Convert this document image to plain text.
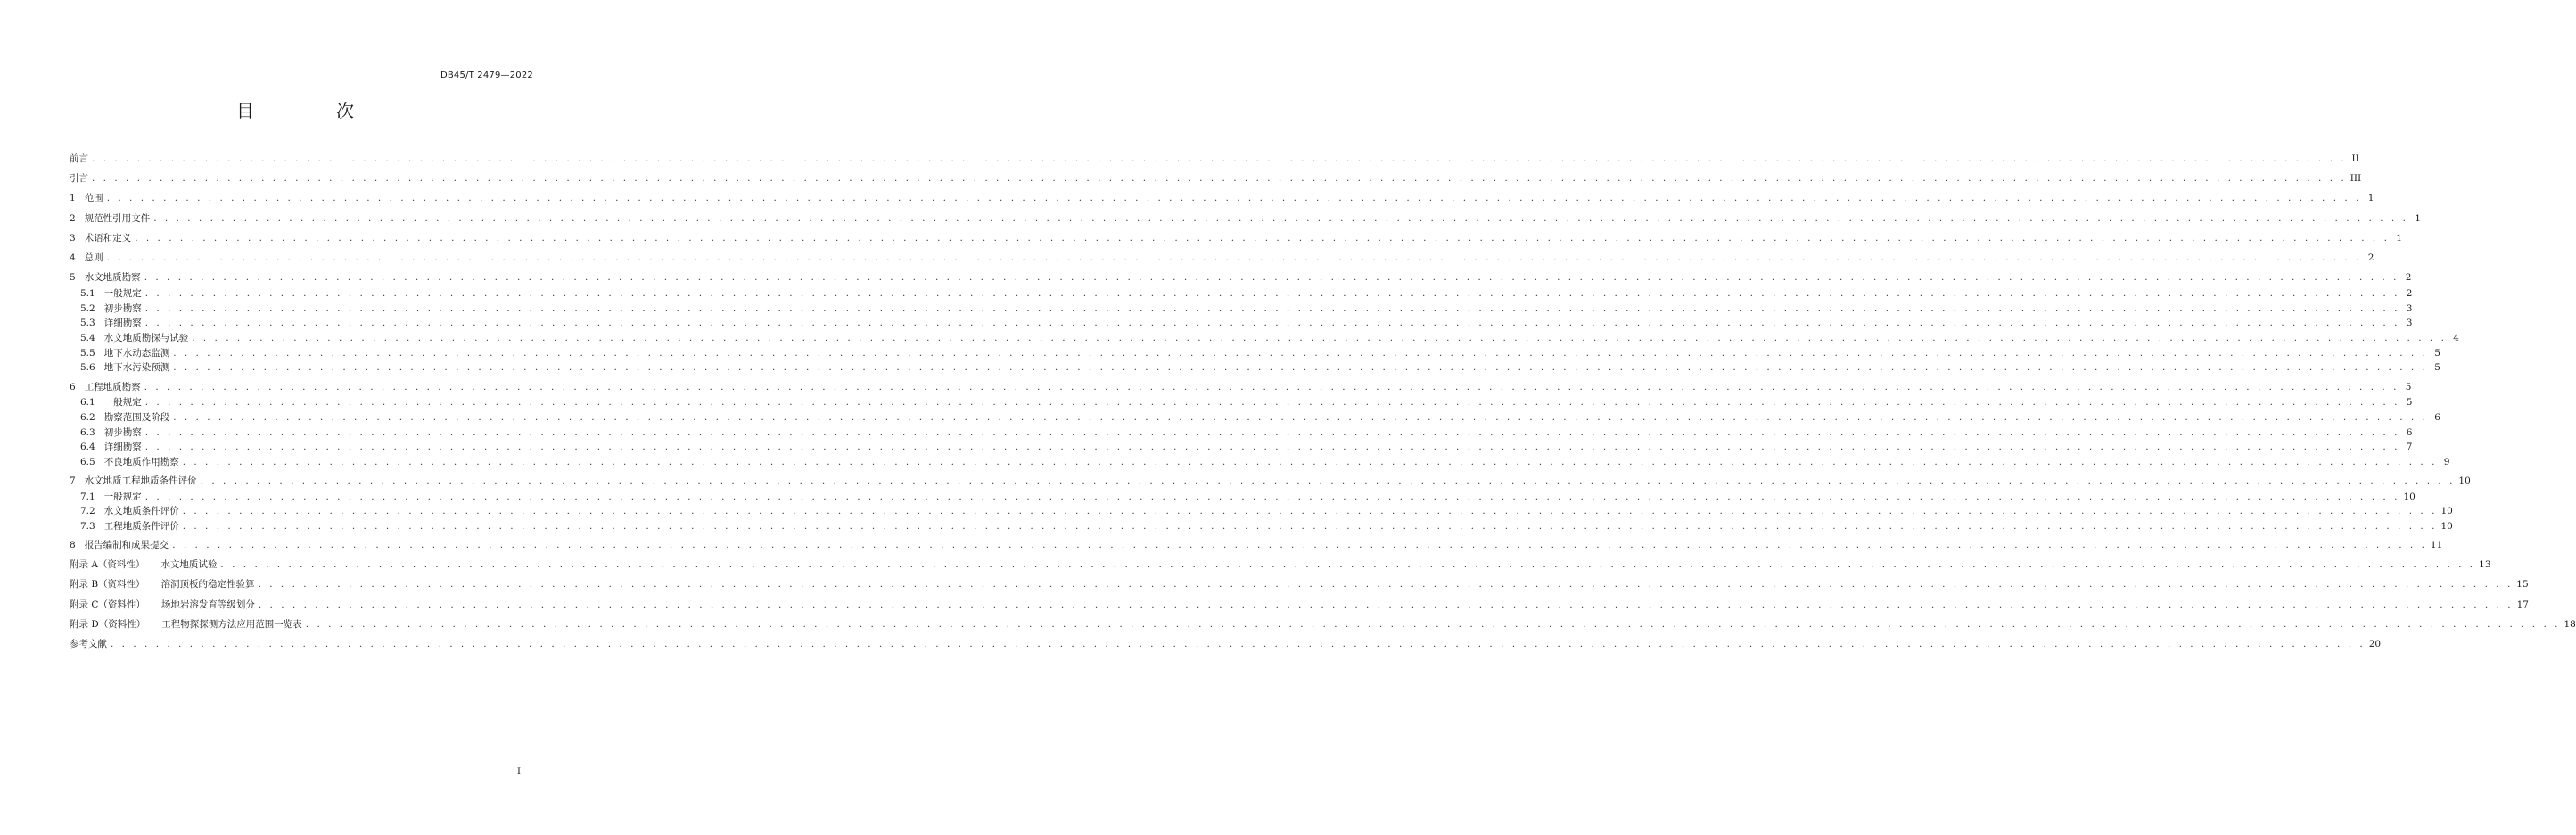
DB45/T 2479—2022
目　次
前言 . . . . . . . . . . . . . . . . . . . . . . . . . . . . . . . . . . . . . . . . . . . . . . . . . . . . . . . . . . . . . . . . . . . . . . . . . . . . . . . . . . . . . . . . . . . . . . . . . . . . . . . . . . . . . . . . . . . . . . . . . . . . . . . . . . . . . . . . . . . . . . . . . . . . . . . . . . . . . . . . . . . . . . . . . . . . . . . . . . . . . . . . . . . . . . . . . . . . . . . . II
引言 . . . . . . . . . . . . . . . . . . . . . . . . . . . . . . . . . . . . . . . . . . . . . . . . . . . . . . . . . . . . . . . . . . . . . . . . . . . . . . . . . . . . . . . . . . . . . . . . . . . . . . . . . . . . . . . . . . . . . . . . . . . . . . . . . . . . . . . . . . . . . . . . . . . . . . . . . . . . . . . . . . . . . . . . . . . . . . . . . . . . . . . . . . . . . . . . . . . . . . . . III
1 范围 . . . . . . . . . . . . . . . . . . . . . . . . . . . . . . . . . . . . . . . . . . . . . . . . . . . . . . . . . . . . . . . . . . . . . . . . . . . . . . . . . . . . . . . . . . . . . . . . . . . . . . . . . . . . . . . . . . . . . . . . . . . . . . . . . . . . . . . . . . . . . . . . . . . . . . . . . . . . . . . . . . . . . . . . . . . . . . . . . . . . . . . . . . . . . . . . . . . . . . . . 1
2 规范性引用文件 . . . . . . . . . . . . . . . . . . . . . . . . . . . . . . . . . . . . . . . . . . . . . . . . . . . . . . . . . . . . . . . . . . . . . . . . . . . . . . . . . . . . . . . . . . . . . . . . . . . . . . . . . . . . . . . . . . . . . . . . . . . . . . . . . . . . . . . . . . . . . . . . . . . . . . . . . . . . . . . . . . . . . . . . . . . . . . . . . . . . . . . . . . . . . . . . . . . . . . . . 1
3 术语和定义 . . . . . . . . . . . . . . . . . . . . . . . . . . . . . . . . . . . . . . . . . . . . . . . . . . . . . . . . . . . . . . . . . . . . . . . . . . . . . . . . . . . . . . . . . . . . . . . . . . . . . . . . . . . . . . . . . . . . . . . . . . . . . . . . . . . . . . . . . . . . . . . . . . . . . . . . . . . . . . . . . . . . . . . . . . . . . . . . . . . . . . . . . . . . . . . . . . . . . . . . 1
4 总则 . . . . . . . . . . . . . . . . . . . . . . . . . . . . . . . . . . . . . . . . . . . . . . . . . . . . . . . . . . . . . . . . . . . . . . . . . . . . . . . . . . . . . . . . . . . . . . . . . . . . . . . . . . . . . . . . . . . . . . . . . . . . . . . . . . . . . . . . . . . . . . . . . . . . . . . . . . . . . . . . . . . . . . . . . . . . . . . . . . . . . . . . . . . . . . . . . . . . . . . . 2
5 水文地质勘察 . . . . . . . . . . . . . . . . . . . . . . . . . . . . . . . . . . . . . . . . . . . . . . . . . . . . . . . . . . . . . . . . . . . . . . . . . . . . . . . . . . . . . . . . . . . . . . . . . . . . . . . . . . . . . . . . . . . . . . . . . . . . . . . . . . . . . . . . . . . . . . . . . . . . . . . . . . . . . . . . . . . . . . . . . . . . . . . . . . . . . . . . . . . . . . . . . . . . . . . . 2
5.1 一般规定 . . . . . . . . . . . . . . . . . . . . . . . . . . . . . . . . . . . . . . . . . . . . . . . . . . . . . . . . . . . . . . . . . . . . . . . . . . . . . . . . . . . . . . . . . . . . . . . . . . . . . . . . . . . . . . . . . . . . . . . . . . . . . . . . . . . . . . . . . . . . . . . . . . . . . . . . . . . . . . . . . . . . . . . . . . . . . . . . . . . . . . . . . . . . . . . . . . . . . . . . 2
5.2 初步勘察 . . . . . . . . . . . . . . . . . . . . . . . . . . . . . . . . . . . . . . . . . . . . . . . . . . . . . . . . . . . . . . . . . . . . . . . . . . . . . . . . . . . . . . . . . . . . . . . . . . . . . . . . . . . . . . . . . . . . . . . . . . . . . . . . . . . . . . . . . . . . . . . . . . . . . . . . . . . . . . . . . . . . . . . . . . . . . . . . . . . . . . . . . . . . . . . . . . . . . . . . 3
5.3 详细勘察 . . . . . . . . . . . . . . . . . . . . . . . . . . . . . . . . . . . . . . . . . . . . . . . . . . . . . . . . . . . . . . . . . . . . . . . . . . . . . . . . . . . . . . . . . . . . . . . . . . . . . . . . . . . . . . . . . . . . . . . . . . . . . . . . . . . . . . . . . . . . . . . . . . . . . . . . . . . . . . . . . . . . . . . . . . . . . . . . . . . . . . . . . . . . . . . . . . . . . . . . 3
5.4 水文地质勘探与试验 . . . . . . . . . . . . . . . . . . . . . . . . . . . . . . . . . . . . . . . . . . . . . . . . . . . . . . . . . . . . . . . . . . . . . . . . . . . . . . . . . . . . . . . . . . . . . . . . . . . . . . . . . . . . . . . . . . . . . . . . . . . . . . . . . . . . . . . . . . . . . . . . . . . . . . . . . . . . . . . . . . . . . . . . . . . . . . . . . . . . . . . . . . . . . . . . . . . . . . . . 4
5.5 地下水动态监测 . . . . . . . . . . . . . . . . . . . . . . . . . . . . . . . . . . . . . . . . . . . . . . . . . . . . . . . . . . . . . . . . . . . . . . . . . . . . . . . . . . . . . . . . . . . . . . . . . . . . . . . . . . . . . . . . . . . . . . . . . . . . . . . . . . . . . . . . . . . . . . . . . . . . . . . . . . . . . . . . . . . . . . . . . . . . . . . . . . . . . . . . . . . . . . . . . . . . . . . . 5
5.6 地下水污染预测 . . . . . . . . . . . . . . . . . . . . . . . . . . . . . . . . . . . . . . . . . . . . . . . . . . . . . . . . . . . . . . . . . . . . . . . . . . . . . . . . . . . . . . . . . . . . . . . . . . . . . . . . . . . . . . . . . . . . . . . . . . . . . . . . . . . . . . . . . . . . . . . . . . . . . . . . . . . . . . . . . . . . . . . . . . . . . . . . . . . . . . . . . . . . . . . . . . . . . . . . 5
6 工程地质勘察 . . . . . . . . . . . . . . . . . . . . . . . . . . . . . . . . . . . . . . . . . . . . . . . . . . . . . . . . . . . . . . . . . . . . . . . . . . . . . . . . . . . . . . . . . . . . . . . . . . . . . . . . . . . . . . . . . . . . . . . . . . . . . . . . . . . . . . . . . . . . . . . . . . . . . . . . . . . . . . . . . . . . . . . . . . . . . . . . . . . . . . . . . . . . . . . . . . . . . . . . 5
6.1 一般规定 . . . . . . . . . . . . . . . . . . . . . . . . . . . . . . . . . . . . . . . . . . . . . . . . . . . . . . . . . . . . . . . . . . . . . . . . . . . . . . . . . . . . . . . . . . . . . . . . . . . . . . . . . . . . . . . . . . . . . . . . . . . . . . . . . . . . . . . . . . . . . . . . . . . . . . . . . . . . . . . . . . . . . . . . . . . . . . . . . . . . . . . . . . . . . . . . . . . . . . . . 5
6.2 勘察范围及阶段 . . . . . . . . . . . . . . . . . . . . . . . . . . . . . . . . . . . . . . . . . . . . . . . . . . . . . . . . . . . . . . . . . . . . . . . . . . . . . . . . . . . . . . . . . . . . . . . . . . . . . . . . . . . . . . . . . . . . . . . . . . . . . . . . . . . . . . . . . . . . . . . . . . . . . . . . . . . . . . . . . . . . . . . . . . . . . . . . . . . . . . . . . . . . . . . . . . . . . . . . 6
6.3 初步勘察 . . . . . . . . . . . . . . . . . . . . . . . . . . . . . . . . . . . . . . . . . . . . . . . . . . . . . . . . . . . . . . . . . . . . . . . . . . . . . . . . . . . . . . . . . . . . . . . . . . . . . . . . . . . . . . . . . . . . . . . . . . . . . . . . . . . . . . . . . . . . . . . . . . . . . . . . . . . . . . . . . . . . . . . . . . . . . . . . . . . . . . . . . . . . . . . . . . . . . . . . 6
6.4 详细勘察 . . . . . . . . . . . . . . . . . . . . . . . . . . . . . . . . . . . . . . . . . . . . . . . . . . . . . . . . . . . . . . . . . . . . . . . . . . . . . . . . . . . . . . . . . . . . . . . . . . . . . . . . . . . . . . . . . . . . . . . . . . . . . . . . . . . . . . . . . . . . . . . . . . . . . . . . . . . . . . . . . . . . . . . . . . . . . . . . . . . . . . . . . . . . . . . . . . . . . . . . 7
6.5 不良地质作用勘察 . . . . . . . . . . . . . . . . . . . . . . . . . . . . . . . . . . . . . . . . . . . . . . . . . . . . . . . . . . . . . . . . . . . . . . . . . . . . . . . . . . . . . . . . . . . . . . . . . . . . . . . . . . . . . . . . . . . . . . . . . . . . . . . . . . . . . . . . . . . . . . . . . . . . . . . . . . . . . . . . . . . . . . . . . . . . . . . . . . . . . . . . . . . . . . . . . . . . . . . . 9
7 水文地质工程地质条件评价 . . . . . . . . . . . . . . . . . . . . . . . . . . . . . . . . . . . . . . . . . . . . . . . . . . . . . . . . . . . . . . . . . . . . . . . . . . . . . . . . . . . . . . . . . . . . . . . . . . . . . . . . . . . . . . . . . . . . . . . . . . . . . . . . . . . . . . . . . . . . . . . . . . . . . . . . . . . . . . . . . . . . . . . . . . . . . . . . . . . . . . . . . . . . . . . . . . . . . . . . 10
7.1 一般规定 . . . . . . . . . . . . . . . . . . . . . . . . . . . . . . . . . . . . . . . . . . . . . . . . . . . . . . . . . . . . . . . . . . . . . . . . . . . . . . . . . . . . . . . . . . . . . . . . . . . . . . . . . . . . . . . . . . . . . . . . . . . . . . . . . . . . . . . . . . . . . . . . . . . . . . . . . . . . . . . . . . . . . . . . . . . . . . . . . . . . . . . . . . . . . . . . . . . . . . . . 10
7.2 水文地质条件评价 . . . . . . . . . . . . . . . . . . . . . . . . . . . . . . . . . . . . . . . . . . . . . . . . . . . . . . . . . . . . . . . . . . . . . . . . . . . . . . . . . . . . . . . . . . . . . . . . . . . . . . . . . . . . . . . . . . . . . . . . . . . . . . . . . . . . . . . . . . . . . . . . . . . . . . . . . . . . . . . . . . . . . . . . . . . . . . . . . . . . . . . . . . . . . . . . . . . . . . . . 10
7.3 工程地质条件评价 . . . . . . . . . . . . . . . . . . . . . . . . . . . . . . . . . . . . . . . . . . . . . . . . . . . . . . . . . . . . . . . . . . . . . . . . . . . . . . . . . . . . . . . . . . . . . . . . . . . . . . . . . . . . . . . . . . . . . . . . . . . . . . . . . . . . . . . . . . . . . . . . . . . . . . . . . . . . . . . . . . . . . . . . . . . . . . . . . . . . . . . . . . . . . . . . . . . . . . . . 10
8 报告编制和成果提交 . . . . . . . . . . . . . . . . . . . . . . . . . . . . . . . . . . . . . . . . . . . . . . . . . . . . . . . . . . . . . . . . . . . . . . . . . . . . . . . . . . . . . . . . . . . . . . . . . . . . . . . . . . . . . . . . . . . . . . . . . . . . . . . . . . . . . . . . . . . . . . . . . . . . . . . . . . . . . . . . . . . . . . . . . . . . . . . . . . . . . . . . . . . . . . . . . . . . . . . . 11
附录 A（资料性） 水文地质试验 . . . . . . . . . . . . . . . . . . . . . . . . . . . . . . . . . . . . . . . . . . . . . . . . . . . . . . . . . . . . . . . . . . . . . . . . . . . . . . . . . . . . . . . . . . . . . . . . . . . . . . . . . . . . . . . . . . . . . . . . . . . . . . . . . . . . . . . . . . . . . . . . . . . . . . . . . . . . . . . . . . . . . . . . . . . . . . . . . . . . . . . . . . . . . . . . . . . . . . . . 13
附录 B（资料性） 溶洞顶板的稳定性验算 . . . . . . . . . . . . . . . . . . . . . . . . . . . . . . . . . . . . . . . . . . . . . . . . . . . . . . . . . . . . . . . . . . . . . . . . . . . . . . . . . . . . . . . . . . . . . . . . . . . . . . . . . . . . . . . . . . . . . . . . . . . . . . . . . . . . . . . . . . . . . . . . . . . . . . . . . . . . . . . . . . . . . . . . . . . . . . . . . . . . . . . . . . . . . . . . . . . . . . . . 15
附录 C（资料性） 场地岩溶发育等级划分 . . . . . . . . . . . . . . . . . . . . . . . . . . . . . . . . . . . . . . . . . . . . . . . . . . . . . . . . . . . . . . . . . . . . . . . . . . . . . . . . . . . . . . . . . . . . . . . . . . . . . . . . . . . . . . . . . . . . . . . . . . . . . . . . . . . . . . . . . . . . . . . . . . . . . . . . . . . . . . . . . . . . . . . . . . . . . . . . . . . . . . . . . . . . . . . . . . . . . . . . 17
附录 D（资料性） 工程物探探测方法应用范围一览表 . . . . . . . . . . . . . . . . . . . . . . . . . . . . . . . . . . . . . . . . . . . . . . . . . . . . . . . . . . . . . . . . . . . . . . . . . . . . . . . . . . . . . . . . . . . . . . . . . . . . . . . . . . . . . . . . . . . . . . . . . . . . . . . . . . . . . . . . . . . . . . . . . . . . . . . . . . . . . . . . . . . . . . . . . . . . . . . . . . . . . . . . . . . . . . . . . . . . . . . . 18
参考文献 . . . . . . . . . . . . . . . . . . . . . . . . . . . . . . . . . . . . . . . . . . . . . . . . . . . . . . . . . . . . . . . . . . . . . . . . . . . . . . . . . . . . . . . . . . . . . . . . . . . . . . . . . . . . . . . . . . . . . . . . . . . . . . . . . . . . . . . . . . . . . . . . . . . . . . . . . . . . . . . . . . . . . . . . . . . . . . . . . . . . . . . . . . . . . . . . . . . . . . . . 20
I
